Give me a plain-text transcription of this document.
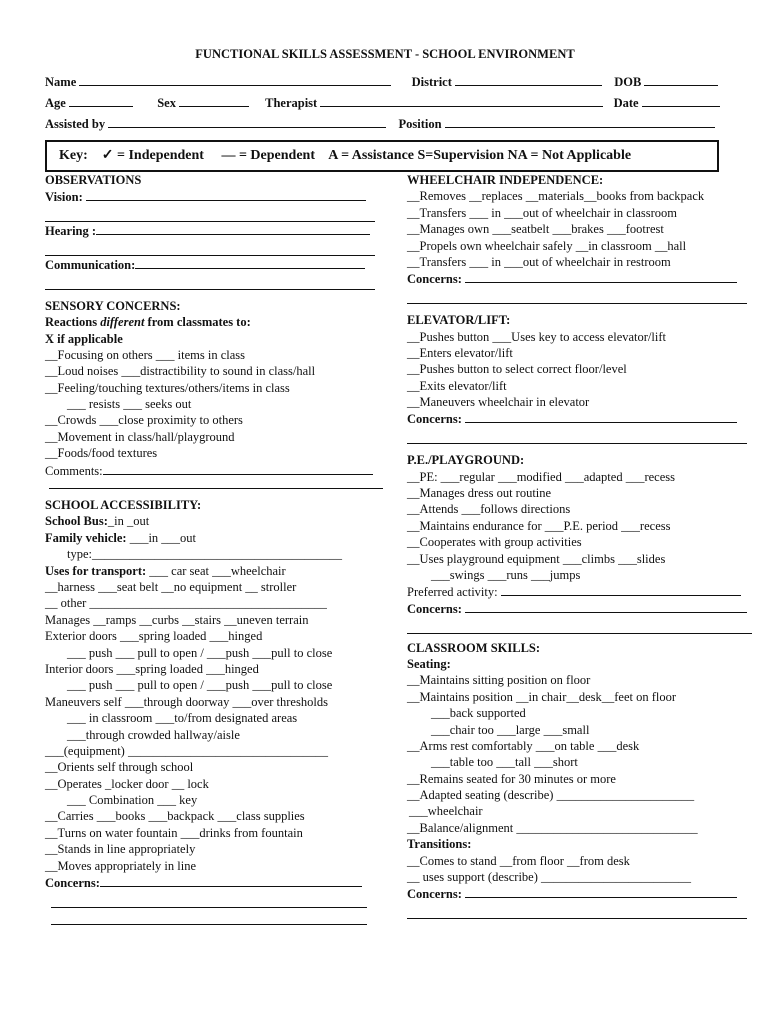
FUNCTIONAL SKILLS ASSESSMENT - SCHOOL ENVIRONMENT
Name	District	DOB
Age	Sex	Therapist	Date
Assisted by	Position
Key: ✓ = Independent — = Dependent A = Assistance S=Supervision NA = Not Applicable
OBSERVATIONS
Vision:
Hearing :
Communication:
SENSORY CONCERNS:
Reactions different from classmates to:
X if applicable
__Focusing on others ___ items in class
__Loud noises ___distractibility to sound in class/hall
__Feeling/touching textures/others/items in class
___ resists ___ seeks out
__Crowds ___close proximity to others
__Movement in class/hall/playground
__Foods/food textures
Comments:
SCHOOL ACCESSIBILITY:
School Bus:_in _out
Family vehicle: ___in ___out
type:________________________________________
Uses for transport: ___ car seat ___wheelchair
__harness ___seat belt __no equipment __ stroller
__ other ______________________________________
Manages __ramps __curbs __stairs __uneven terrain
Exterior doors ___spring loaded ___hinged
___ push ___ pull to open / ___push ___pull to close
Interior doors ___spring loaded ___hinged
___ push ___ pull to open / ___push ___pull to close
Maneuvers self ___through doorway ___over thresholds
___ in classroom ___to/from designated areas
___through crowded hallway/aisle
___(equipment) ________________________________
__Orients self through school
__Operates _locker door __ lock
___ Combination ___ key
__Carries ___books ___backpack ___class supplies
__Turns on water fountain ___drinks from fountain
__Stands in line appropriately
__Moves appropriately in line
Concerns:
WHEELCHAIR INDEPENDENCE:
__Removes __replaces __materials__books from backpack
__Transfers ___ in ___out of wheelchair in classroom
__Manages own ___seatbelt ___brakes ___footrest
__Propels own wheelchair safely __in classroom __hall
__Transfers ___ in ___out of wheelchair in restroom
Concerns:
ELEVATOR/LIFT:
__Pushes button ___Uses key to access elevator/lift
__Enters elevator/lift
__Pushes button to select correct floor/level
__Exits elevator/lift
__Maneuvers wheelchair in elevator
Concerns:
P.E./PLAYGROUND:
__PE: ___regular ___modified ___adapted ___recess
__Manages dress out routine
__Attends ___follows directions
__Maintains endurance for ___P.E. period ___recess
__Cooperates with group activities
__Uses playground equipment ___climbs ___slides
___swings ___runs ___jumps
Preferred activity:
Concerns:
CLASSROOM SKILLS:
Seating:
__Maintains sitting position on floor
__Maintains position __in chair__desk__feet on floor
___back supported
___chair too ___large ___small
__Arms rest comfortably ___on table ___desk
___table too ___tall ___short
__Remains seated for 30 minutes or more
__Adapted seating (describe) ______________________
___wheelchair
__Balance/alignment _____________________________
Transitions:
__Comes to stand __from floor __from desk
__ uses support (describe) ________________________
Concerns:
